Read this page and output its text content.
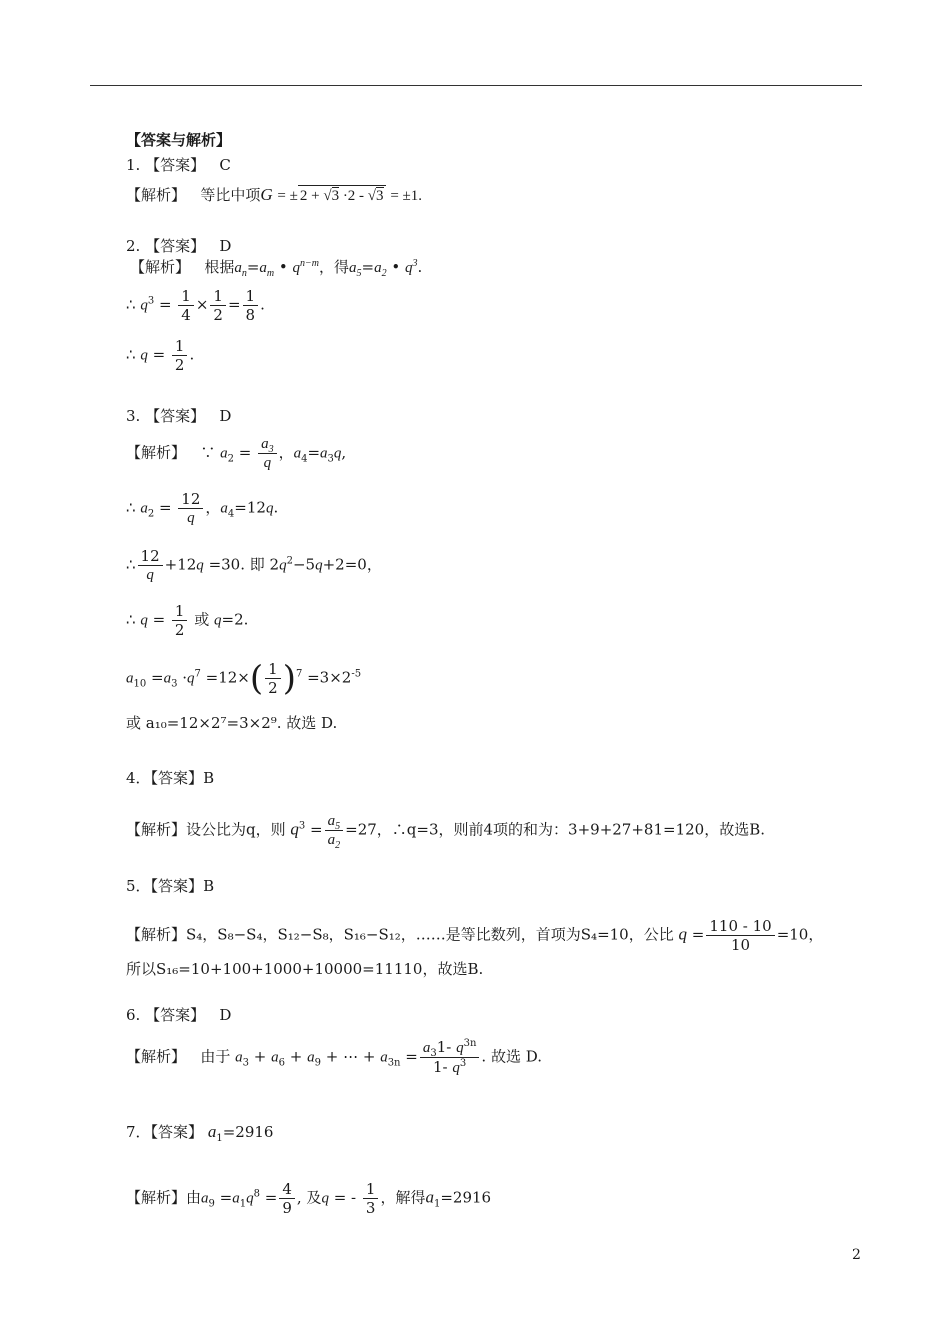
【答案与解析】
1. 【答案】 C
【解析】 等比中项G = ± 2 + √3 ·2 - √3 = ±1.
2. 【答案】 D
【解析】 根据$a_n=a_m$ • $q^{n-m}$，得$a_5=a_2$ • $q^3$.
∴ $q^3 = \frac{1}{4} \times \frac{1}{2} = \frac{1}{8}$ .
∴ $q = \frac{1}{2}$ .
3. 【答案】 D
【解析】   ∵ $a_2 = \frac{a_3}{q}$ ，$a_4=a_3q$,
∴ $a_2 = \frac{12}{q}$ ，$a_4=12q$.
∴ $\frac{12}{q} +12q =30$. 即 $2q^2-5q+2=0$，
∴ $q = \frac{1}{2}$ 或 q=2.
$a_{10} =a_3 \cdot q^7 =12\times( \frac{1}{2} )^7 =3\times 2^{-5}$
或 a₁₀=12×2⁷=3×2⁹. 故选 D.
4．【答案】B
【解析】设公比为q，则 $q^3 = \frac{a_5}{a_2} =27$，∴q=3，则前4项的和为：3+9+27+81=120，故选B.
5．【答案】B
【解析】S₄，S₈−S₄，S₁₂−S₈，S₁₆−S₁₂，……是等比数列，首项为S₄=10，公比 $q = \frac{110 - 10}{10} =10$，
所以S₁₆=10+100+1000+10000=11110，故选B.
6. 【答案】 D
【解析】 由于 $a_3 + a_6 + a_9$ + ⋯ + $a_{3n} = \frac{a_31- q^{3n}}{1- q^3}$ . 故选 D.
7．【答案】 $a_1=2916$
【解析】由$a_9 =a_1q^8 = \frac{4}{9}$ , 及q = - $\frac{1}{3}$ ，解得$a_1=2916$
2
